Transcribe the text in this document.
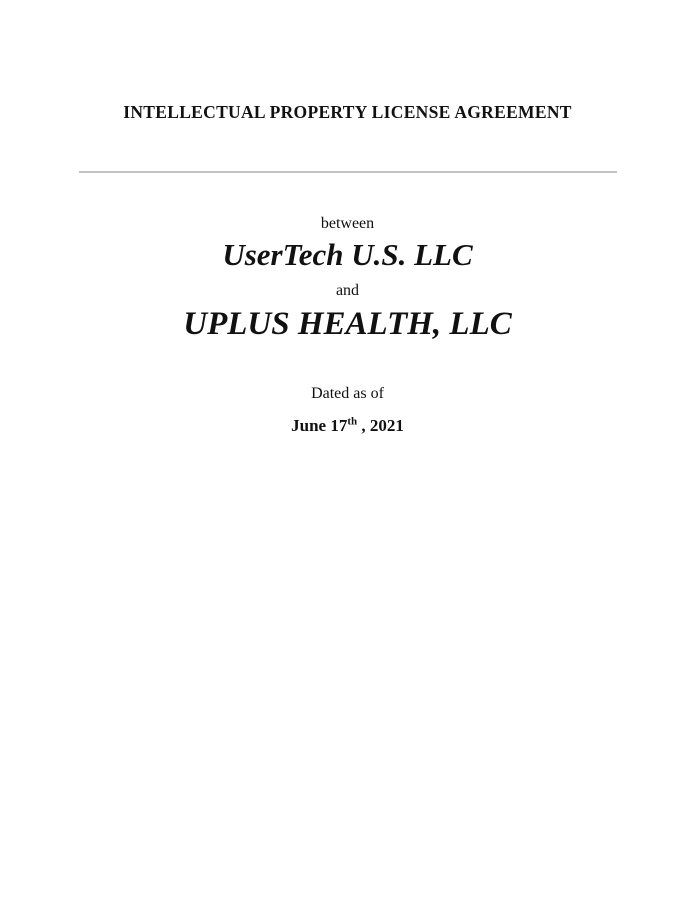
INTELLECTUAL PROPERTY LICENSE AGREEMENT
between
UserTech U.S. LLC
and
UPLUS HEALTH, LLC
Dated as of
June 17th , 2021
